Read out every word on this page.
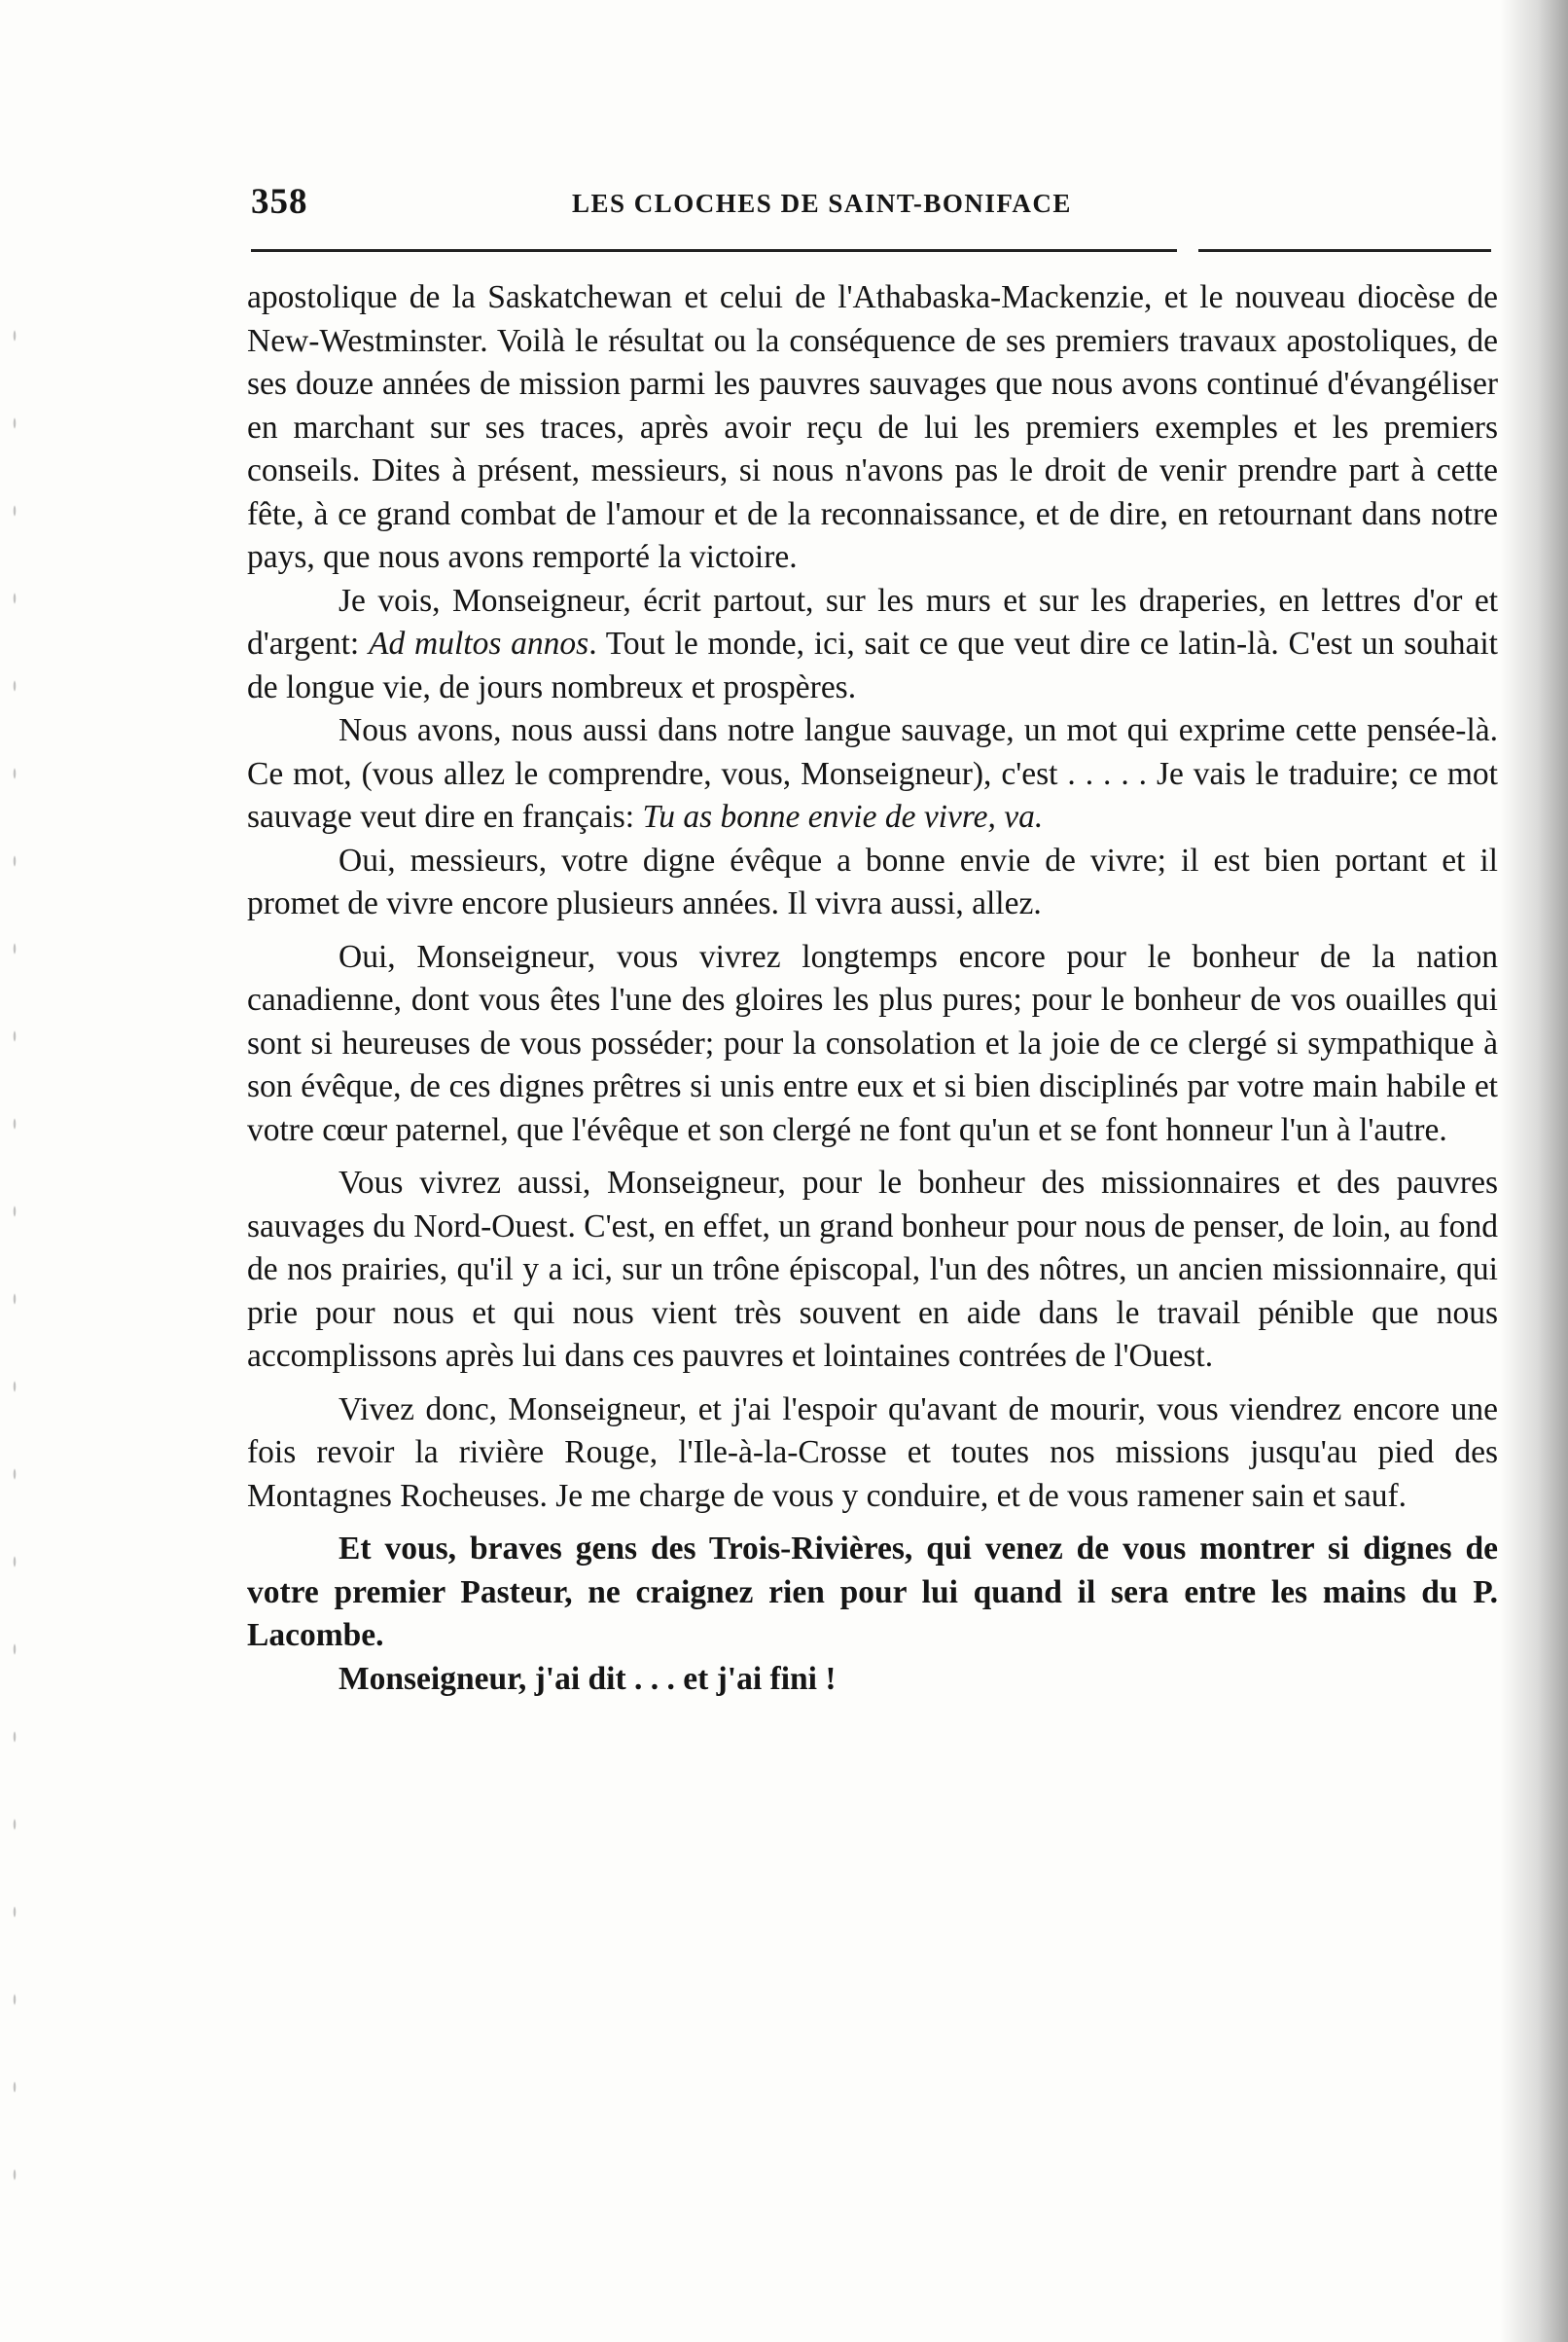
358	LES CLOCHES DE SAINT-BONIFACE

apostolique de la Saskatchewan et celui de l'Athabaska-Mackenzie, et le nouveau diocèse de New-Westminster. Voilà le résultat ou la conséquence de ses premiers travaux apostoliques, de ses douze années de mission parmi les pauvres sauvages que nous avons continué d'évangéliser en marchant sur ses traces, après avoir reçu de lui les premiers exemples et les premiers conseils. Dites à présent, messieurs, si nous n'avons pas le droit de venir prendre part à cette fête, à ce grand combat de l'amour et de la reconnaissance, et de dire, en retournant dans notre pays, que nous avons remporté la victoire.

Je vois, Monseigneur, écrit partout, sur les murs et sur les draperies, en lettres d'or et d'argent: Ad multos annos. Tout le monde, ici, sait ce que veut dire ce latin-là. C'est un souhait de longue vie, de jours nombreux et prospères.

Nous avons, nous aussi dans notre langue sauvage, un mot qui exprime cette pensée-là. Ce mot, (vous allez le comprendre, vous, Monseigneur), c'est . . . . . Je vais le traduire; ce mot sauvage veut dire en français: Tu as bonne envie de vivre, va.

Oui, messieurs, votre digne évêque a bonne envie de vivre; il est bien portant et il promet de vivre encore plusieurs années. Il vivra aussi, allez.

Oui, Monseigneur, vous vivrez longtemps encore pour le bonheur de la nation canadienne, dont vous êtes l'une des gloires les plus pures; pour le bonheur de vos ouailles qui sont si heureuses de vous posséder; pour la consolation et la joie de ce clergé si sympathique à son évêque, de ces dignes prêtres si unis entre eux et si bien disciplinés par votre main habile et votre cœur paternel, que l'évêque et son clergé ne font qu'un et se font honneur l'un à l'autre.

Vous vivrez aussi, Monseigneur, pour le bonheur des missionnaires et des pauvres sauvages du Nord-Ouest. C'est, en effet, un grand bonheur pour nous de penser, de loin, au fond de nos prairies, qu'il y a ici, sur un trône épiscopal, l'un des nôtres, un ancien missionnaire, qui prie pour nous et qui nous vient très souvent en aide dans le travail pénible que nous accomplissons après lui dans ces pauvres et lointaines contrées de l'Ouest.

Vivez donc, Monseigneur, et j'ai l'espoir qu'avant de mourir, vous viendrez encore une fois revoir la rivière Rouge, l'Ile-à-la-Crosse et toutes nos missions jusqu'au pied des Montagnes Rocheuses. Je me charge de vous y conduire, et de vous ramener sain et sauf.

Et vous, braves gens des Trois-Rivières, qui venez de vous montrer si dignes de votre premier Pasteur, ne craignez rien pour lui quand il sera entre les mains du P. Lacombe.

Monseigneur, j'ai dit . . . et j'ai fini !
